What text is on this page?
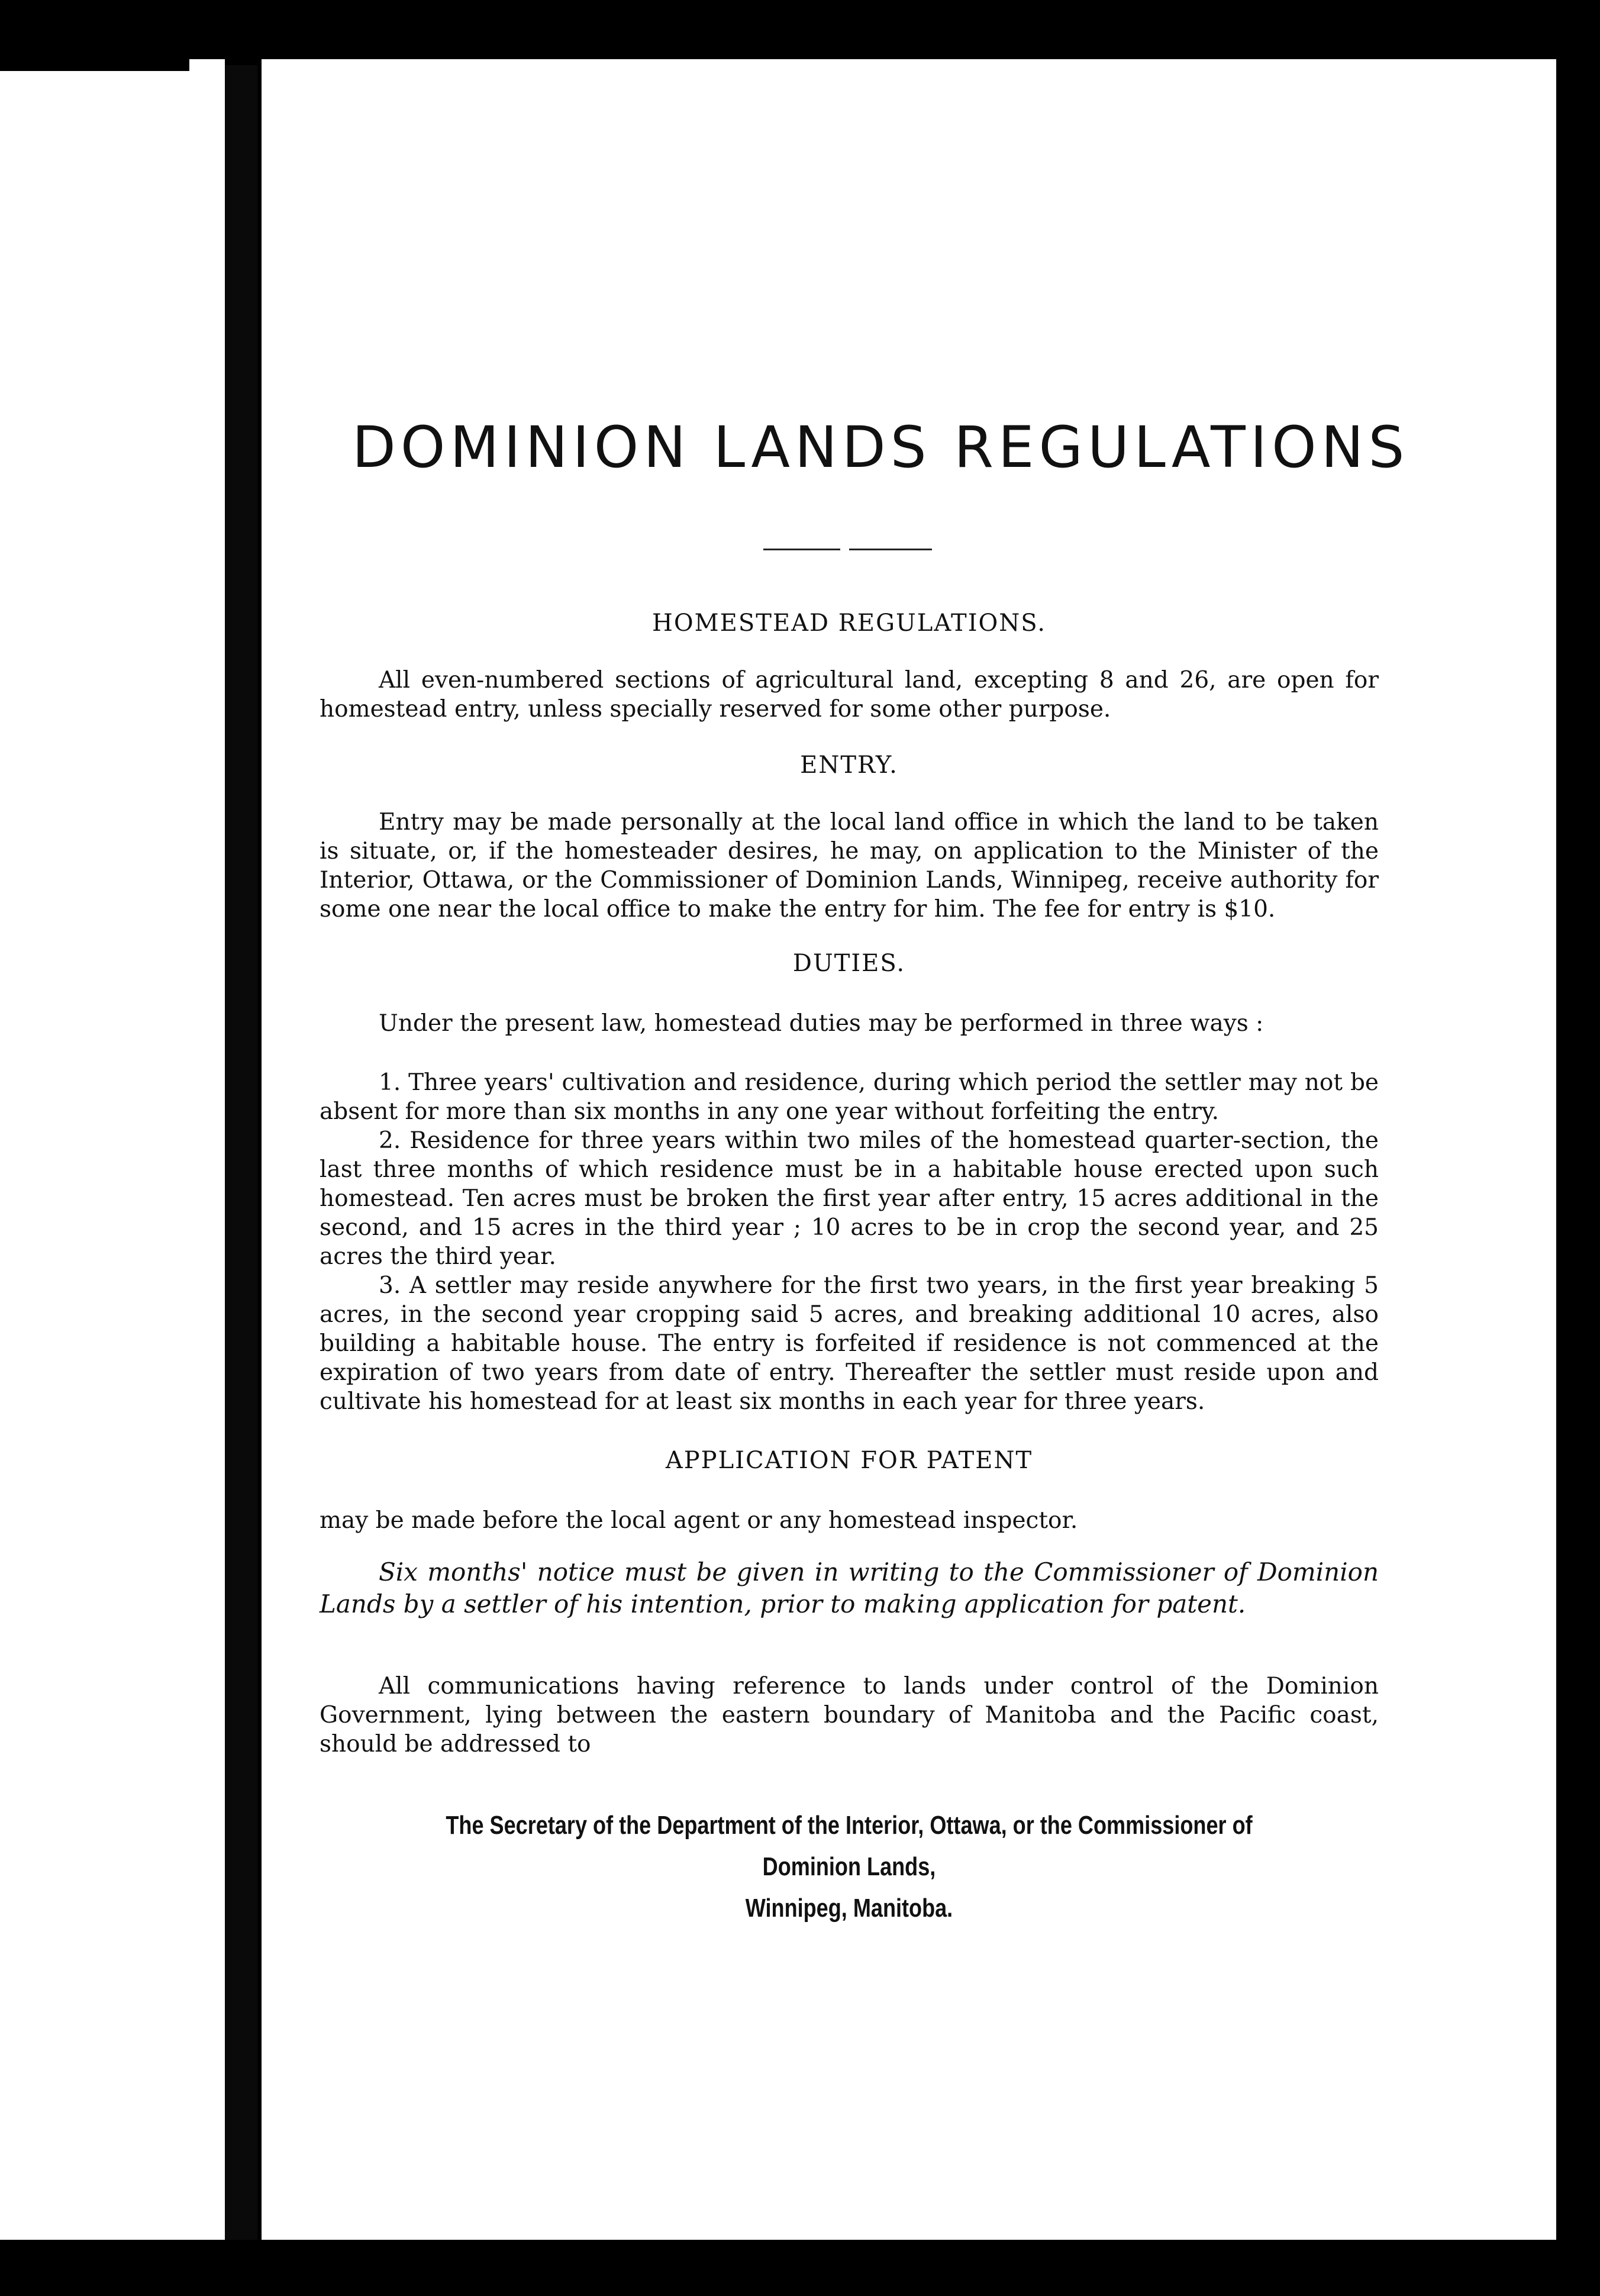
DOMINION LANDS REGULATIONS
HOMESTEAD REGULATIONS.

All even-numbered sections of agricultural land, excepting 8 and 26, are open for homestead entry, unless specially reserved for some other purpose.

ENTRY.

Entry may be made personally at the local land office in which the land to be taken is situate, or, if the homesteader desires, he may, on application to the Minister of the Interior, Ottawa, or the Commissioner of Dominion Lands, Winnipeg, receive authority for some one near the local office to make the entry for him. The fee for entry is $10.

DUTIES.

Under the present law, homestead duties may be performed in three ways :

1. Three years' cultivation and residence, during which period the settler may not be absent for more than six months in any one year without forfeiting the entry.

2. Residence for three years within two miles of the homestead quarter-section, the last three months of which residence must be in a habitable house erected upon such homestead. Ten acres must be broken the first year after entry, 15 acres additional in the second, and 15 acres in the third year ; 10 acres to be in crop the second year, and 25 acres the third year.

3. A settler may reside anywhere for the first two years, in the first year breaking 5 acres, in the second year cropping said 5 acres, and breaking additional 10 acres, also building a habitable house. The entry is forfeited if residence is not commenced at the expiration of two years from date of entry. Thereafter the settler must reside upon and cultivate his homestead for at least six months in each year for three years.

APPLICATION FOR PATENT

may be made before the local agent or any homestead inspector.

Six months' notice must be given in writing to the Commissioner of Dominion Lands by a settler of his intention, prior to making application for patent.

All communications having reference to lands under control of the Dominion Government, lying between the eastern boundary of Manitoba and the Pacific coast, should be addressed to

The Secretary of the Department of the Interior, Ottawa, or the Commissioner of Dominion Lands,
Winnipeg, Manitoba.
